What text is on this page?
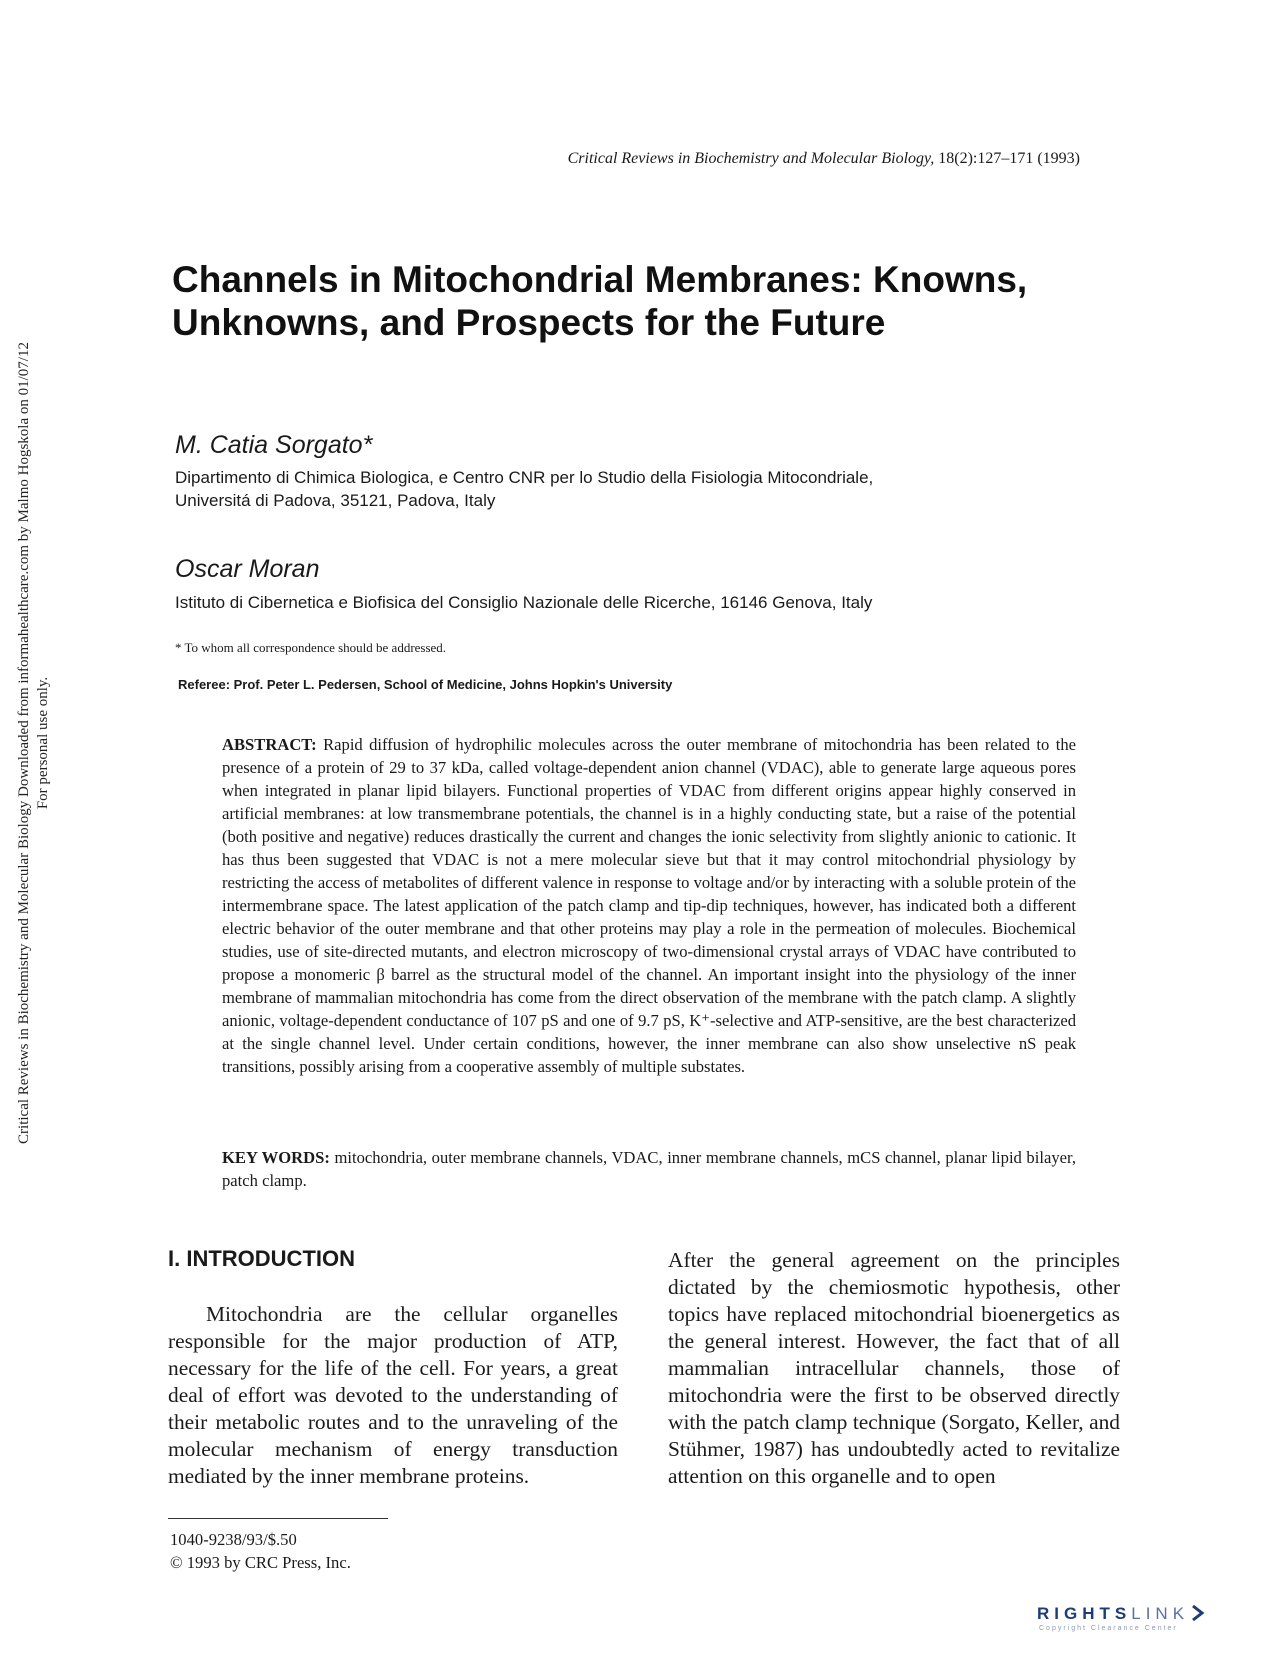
Critical Reviews in Biochemistry and Molecular Biology, 18(2):127–171 (1993)
Channels in Mitochondrial Membranes: Knowns, Unknowns, and Prospects for the Future

M. Catia Sorgato*

Dipartimento di Chimica Biologica, e Centro CNR per lo Studio della Fisiologia Mitocondriale,
Universitá di Padova, 35121, Padova, Italy

Oscar Moran

Istituto di Cibernetica e Biofisica del Consiglio Nazionale delle Ricerche, 16146 Genova, Italy
* To whom all correspondence should be addressed.
Referee: Prof. Peter L. Pedersen, School of Medicine, Johns Hopkin's University

ABSTRACT: Rapid diffusion of hydrophilic molecules across the outer membrane of mitochondria has been related to the presence of a protein of 29 to 37 kDa, called voltage-dependent anion channel (VDAC), able to generate large aqueous pores when integrated in planar lipid bilayers. Functional properties of VDAC from different origins appear highly conserved in artificial membranes: at low transmembrane potentials, the channel is in a highly conducting state, but a raise of the potential (both positive and negative) reduces drastically the current and changes the ionic selectivity from slightly anionic to cationic. It has thus been suggested that VDAC is not a mere molecular sieve but that it may control mitochondrial physiology by restricting the access of metabolites of different valence in response to voltage and/or by interacting with a soluble protein of the intermembrane space. The latest application of the patch clamp and tip-dip techniques, however, has indicated both a different electric behavior of the outer membrane and that other proteins may play a role in the permeation of molecules. Biochemical studies, use of site-directed mutants, and electron microscopy of two-dimensional crystal arrays of VDAC have contributed to propose a monomeric β barrel as the structural model of the channel. An important insight into the physiology of the inner membrane of mammalian mitochondria has come from the direct observation of the membrane with the patch clamp. A slightly anionic, voltage-dependent conductance of 107 pS and one of 9.7 pS, K⁺-selective and ATP-sensitive, are the best characterized at the single channel level. Under certain conditions, however, the inner membrane can also show unselective nS peak transitions, possibly arising from a cooperative assembly of multiple substates.

KEY WORDS: mitochondria, outer membrane channels, VDAC, inner membrane channels, mCS channel, planar lipid bilayer, patch clamp.

I. INTRODUCTION

Mitochondria are the cellular organelles responsible for the major production of ATP, necessary for the life of the cell. For years, a great deal of effort was devoted to the understanding of their metabolic routes and to the unraveling of the molecular mechanism of energy transduction mediated by the inner membrane proteins.

After the general agreement on the principles dictated by the chemiosmotic hypothesis, other topics have replaced mitochondrial bioenergetics as the general interest. However, the fact that of all mammalian intracellular channels, those of mitochondria were the first to be observed directly with the patch clamp technique (Sorgato, Keller, and Stühmer, 1987) has undoubtedly acted to revitalize attention on this organelle and to open

1040-9238/93/$.50
© 1993 by CRC Press, Inc.
Critical Reviews in Biochemistry and Molecular Biology Downloaded from informahealthcare.com by Malmo Hogskola on 01/07/12 For personal use only.
RIGHTSLINK
Copyright Clearance Center
